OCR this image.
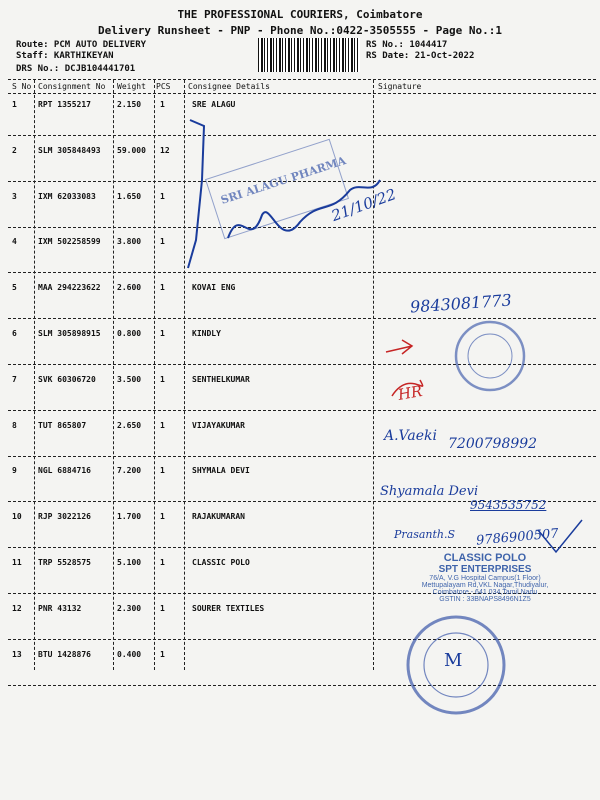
THE PROFESSIONAL COURIERS, Coimbatore
Delivery Runsheet - PNP - Phone No.:0422-3505555 - Page No.:1
Route: PCM AUTO DELIVERY
Staff: KARTHIKEYAN
DRS No.: DCJB104441701
RS No.: 1044417
RS Date: 21-Oct-2022
S No Consignment No Weight PCS Consignee Details	Signature
1	RPT 1355217	2.150 1	SRE ALAGU
2	SLM 305848493 59.000 12
3	IXM 62033083	1.650 1
4	IXM 502258599 3.800 1
5	MAA 294223622 2.600 1	KOVAI ENG
6	SLM 305898915 0.800 1	KINDLY
7	SVK 60306720	3.500 1	SENTHELKUMAR
8	TUT 865807	2.650 1	VIJAYAKUMAR
9	NGL 6884716	7.200 1	SHYMALA DEVI
10 RJP 3022126	1.700 1	RAJAKUMARAN
11 TRP 5528575	5.100 1	CLASSIC POLO
12 PNR 43132	2.300 1	SOURER TEXTILES
13 BTU 1428876	0.400 1
SRI ALAGU PHARMA
21/10/22
9843081773
HR
A.Vaeki 7200798992
Shyamala Devi
9543535752
Prasanth.S 9786900507
CLASSIC POLO
SPT ENTERPRISES
76/A, V.G Hospital Campus(1 Floor)
Mettupalayam Rd,VKL Nagar,Thudiyalur,
Coimbatore - 641 034,Tamil Nadu
GSTIN : 33BNAPS8496N1Z5
M
